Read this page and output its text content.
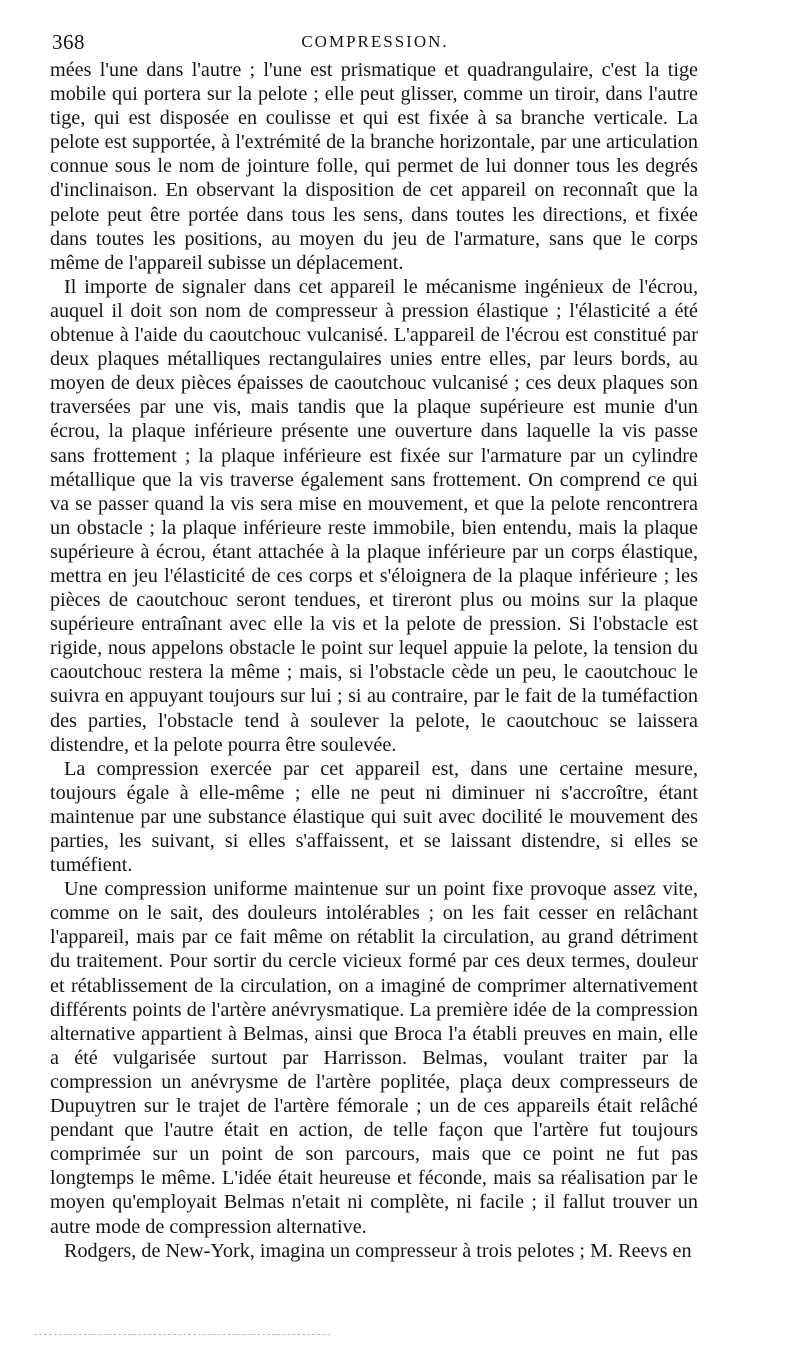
368	COMPRESSION.

mées l'une dans l'autre ; l'une est prismatique et quadrangulaire, c'est la tige mobile qui portera sur la pelote ; elle peut glisser, comme un tiroir, dans l'autre tige, qui est disposée en coulisse et qui est fixée à sa branche verticale. La pelote est supportée, à l'extrémité de la branche horizontale, par une articulation connue sous le nom de jointure folle, qui permet de lui donner tous les degrés d'inclinaison. En observant la disposition de cet appareil on reconnaît que la pelote peut être portée dans tous les sens, dans toutes les directions, et fixée dans toutes les positions, au moyen du jeu de l'armature, sans que le corps même de l'appareil subisse un déplacement.

Il importe de signaler dans cet appareil le mécanisme ingénieux de l'écrou, auquel il doit son nom de compresseur à pression élastique ; l'élasticité a été obtenue à l'aide du caoutchouc vulcanisé. L'appareil de l'écrou est constitué par deux plaques métalliques rectangulaires unies entre elles, par leurs bords, au moyen de deux pièces épaisses de caoutchouc vulcanisé ; ces deux plaques son traversées par une vis, mais tandis que la plaque supérieure est munie d'un écrou, la plaque inférieure présente une ouverture dans laquelle la vis passe sans frottement ; la plaque inférieure est fixée sur l'armature par un cylindre métallique que la vis traverse également sans frottement. On comprend ce qui va se passer quand la vis sera mise en mouvement, et que la pelote rencontrera un obstacle ; la plaque inférieure reste immobile, bien entendu, mais la plaque supérieure à écrou, étant attachée à la plaque inférieure par un corps élastique, mettra en jeu l'élasticité de ces corps et s'éloignera de la plaque inférieure ; les pièces de caoutchouc seront tendues, et tireront plus ou moins sur la plaque supérieure entraînant avec elle la vis et la pelote de pression. Si l'obstacle est rigide, nous appelons obstacle le point sur lequel appuie la pelote, la tension du caoutchouc restera la même ; mais, si l'obstacle cède un peu, le caoutchouc le suivra en appuyant toujours sur lui ; si au contraire, par le fait de la tuméfaction des parties, l'obstacle tend à soulever la pelote, le caoutchouc se laissera distendre, et la pelote pourra être soulevée.

La compression exercée par cet appareil est, dans une certaine mesure, toujours égale à elle-même ; elle ne peut ni diminuer ni s'accroître, étant maintenue par une substance élastique qui suit avec docilité le mouvement des parties, les suivant, si elles s'affaissent, et se laissant distendre, si elles se tuméfient.

Une compression uniforme maintenue sur un point fixe provoque assez vite, comme on le sait, des douleurs intolérables ; on les fait cesser en relâchant l'appareil, mais par ce fait même on rétablit la circulation, au grand détriment du traitement. Pour sortir du cercle vicieux formé par ces deux termes, douleur et rétablissement de la circulation, on a imaginé de comprimer alternativement différents points de l'artère anévrysmatique. La première idée de la compression alternative appartient à Belmas, ainsi que Broca l'a établi preuves en main, elle a été vulgarisée surtout par Harrisson. Belmas, voulant traiter par la compression un anévrysme de l'artère poplitée, plaça deux compresseurs de Dupuytren sur le trajet de l'artère fémorale ; un de ces appareils était relâché pendant que l'autre était en action, de telle façon que l'artère fut toujours comprimée sur un point de son parcours, mais que ce point ne fut pas longtemps le même. L'idée était heureuse et féconde, mais sa réalisation par le moyen qu'employait Belmas n'etait ni complète, ni facile ; il fallut trouver un autre mode de compression alternative.

Rodgers, de New-York, imagina un compresseur à trois pelotes ; M. Reevs en
